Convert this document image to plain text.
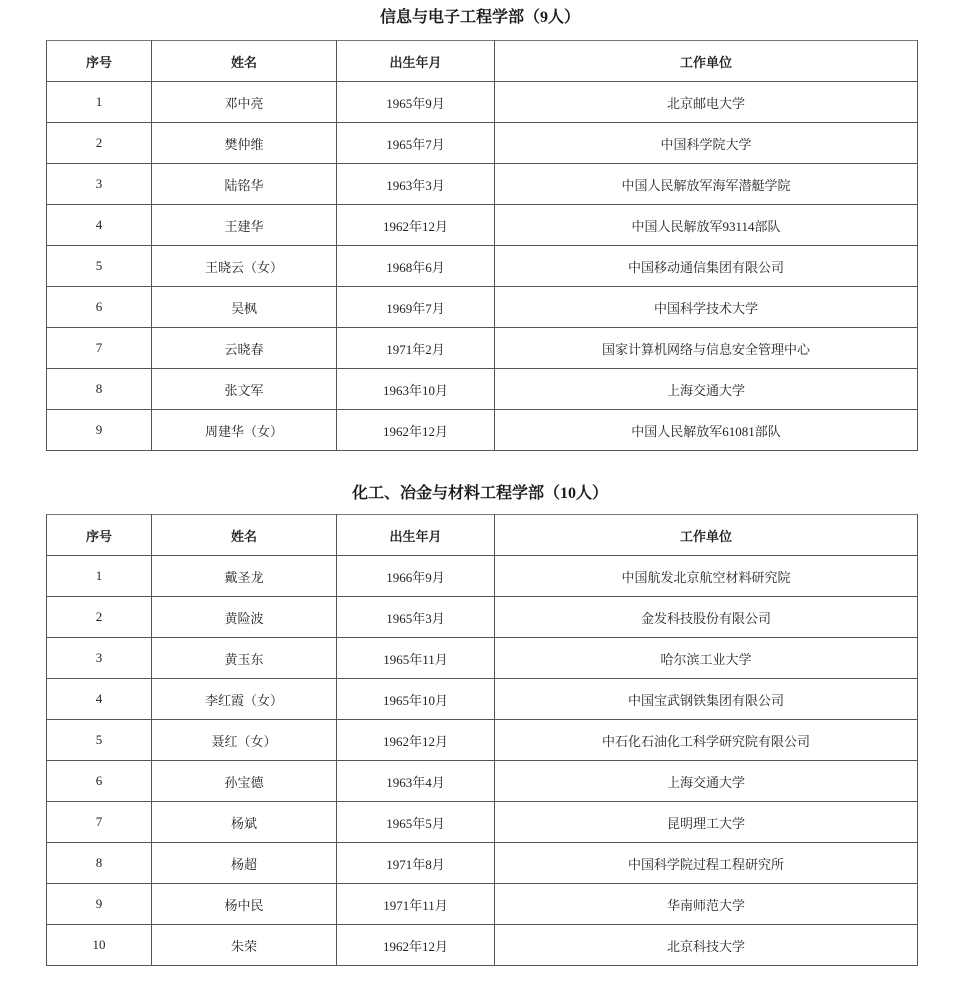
信息与电子工程学部（9人）
序号	姓名	出生年月	工作单位
1	邓中亮	1965年9月	北京邮电大学
2	樊仲维	1965年7月	中国科学院大学
3	陆铭华	1963年3月	中国人民解放军海军潜艇学院
4	王建华	1962年12月	中国人民解放军93114部队
5	王晓云（女）	1968年6月	中国移动通信集团有限公司
6	吴枫	1969年7月	中国科学技术大学
7	云晓春	1971年2月	国家计算机网络与信息安全管理中心
8	张文军	1963年10月	上海交通大学
9	周建华（女）	1962年12月	中国人民解放军61081部队
化工、冶金与材料工程学部（10人）
序号	姓名	出生年月	工作单位
1	戴圣龙	1966年9月	中国航发北京航空材料研究院
2	黄险波	1965年3月	金发科技股份有限公司
3	黄玉东	1965年11月	哈尔滨工业大学
4	李红霞（女）	1965年10月	中国宝武钢铁集团有限公司
5	聂红（女）	1962年12月	中石化石油化工科学研究院有限公司
6	孙宝德	1963年4月	上海交通大学
7	杨斌	1965年5月	昆明理工大学
8	杨超	1971年8月	中国科学院过程工程研究所
9	杨中民	1971年11月	华南师范大学
10	朱荣	1962年12月	北京科技大学
